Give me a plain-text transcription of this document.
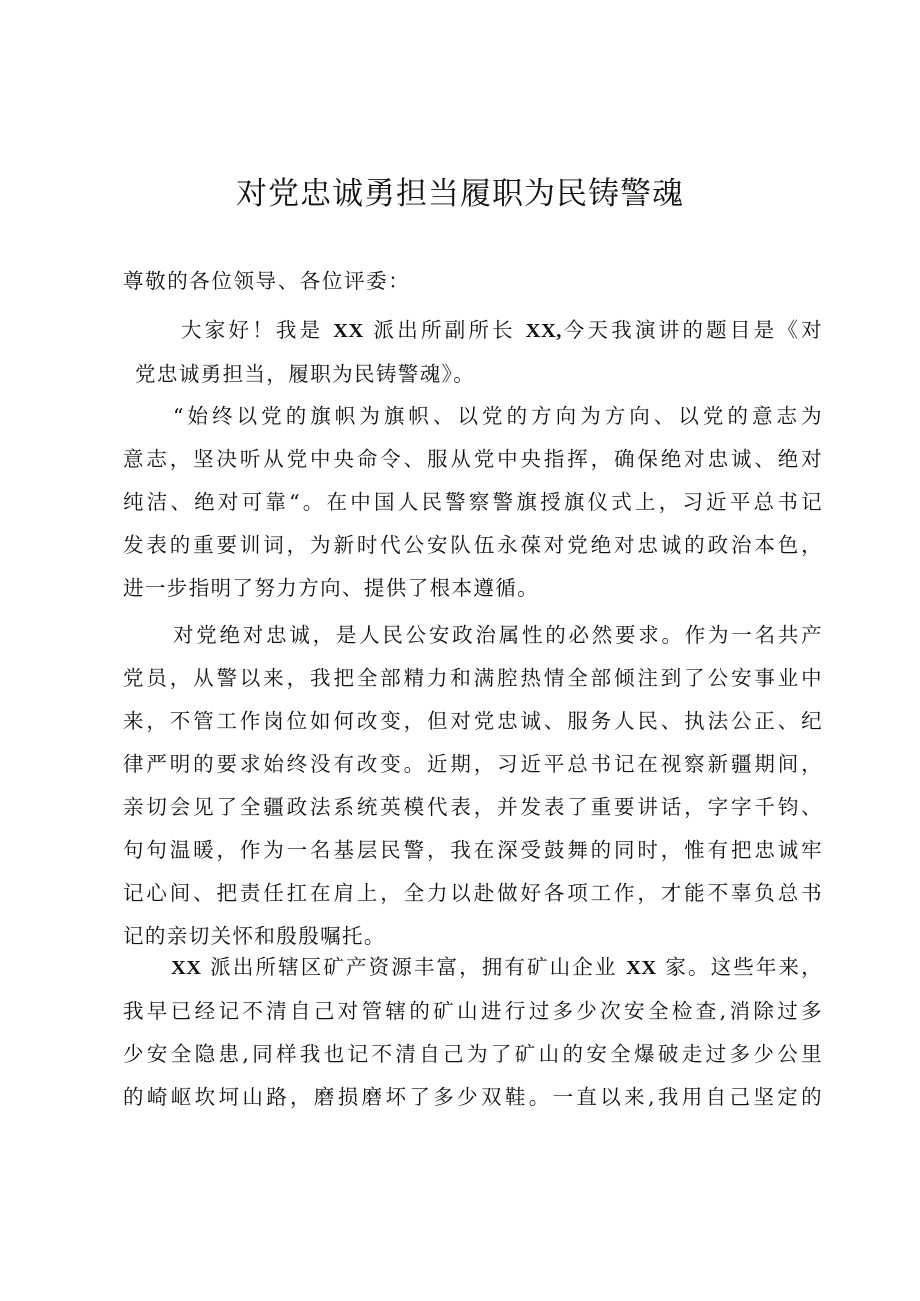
对党忠诚勇担当履职为民铸警魂

尊敬的各位领导、各位评委：

大家好！我是 XX 派出所副所长 XX,今天我演讲的题目是《对
党忠诚勇担当，履职为民铸警魂》。
“始终以党的旗帜为旗帜、以党的方向为方向、以党的意志为
意志，坚决听从党中央命令、服从党中央指挥，确保绝对忠诚、绝对
纯洁、绝对可靠“。在中国人民警察警旗授旗仪式上，习近平总书记
发表的重要训词，为新时代公安队伍永葆对党绝对忠诚的政治本色，
进一步指明了努力方向、提供了根本遵循。
对党绝对忠诚，是人民公安政治属性的必然要求。作为一名共产
党员，从警以来，我把全部精力和满腔热情全部倾注到了公安事业中
来，不管工作岗位如何改变，但对党忠诚、服务人民、执法公正、纪
律严明的要求始终没有改变。近期，习近平总书记在视察新疆期间，
亲切会见了全疆政法系统英模代表，并发表了重要讲话，字字千钧、
句句温暖，作为一名基层民警，我在深受鼓舞的同时，惟有把忠诚牢
记心间、把责任扛在肩上，全力以赴做好各项工作，才能不辜负总书
记的亲切关怀和殷殷嘱托。
XX 派出所辖区矿产资源丰富，拥有矿山企业 XX 家。这些年来，
我早已经记不清自己对管辖的矿山进行过多少次安全检查,消除过多
少安全隐患,同样我也记不清自己为了矿山的安全爆破走过多少公里
的崎岖坎坷山路，磨损磨坏了多少双鞋。一直以来,我用自己坚定的
